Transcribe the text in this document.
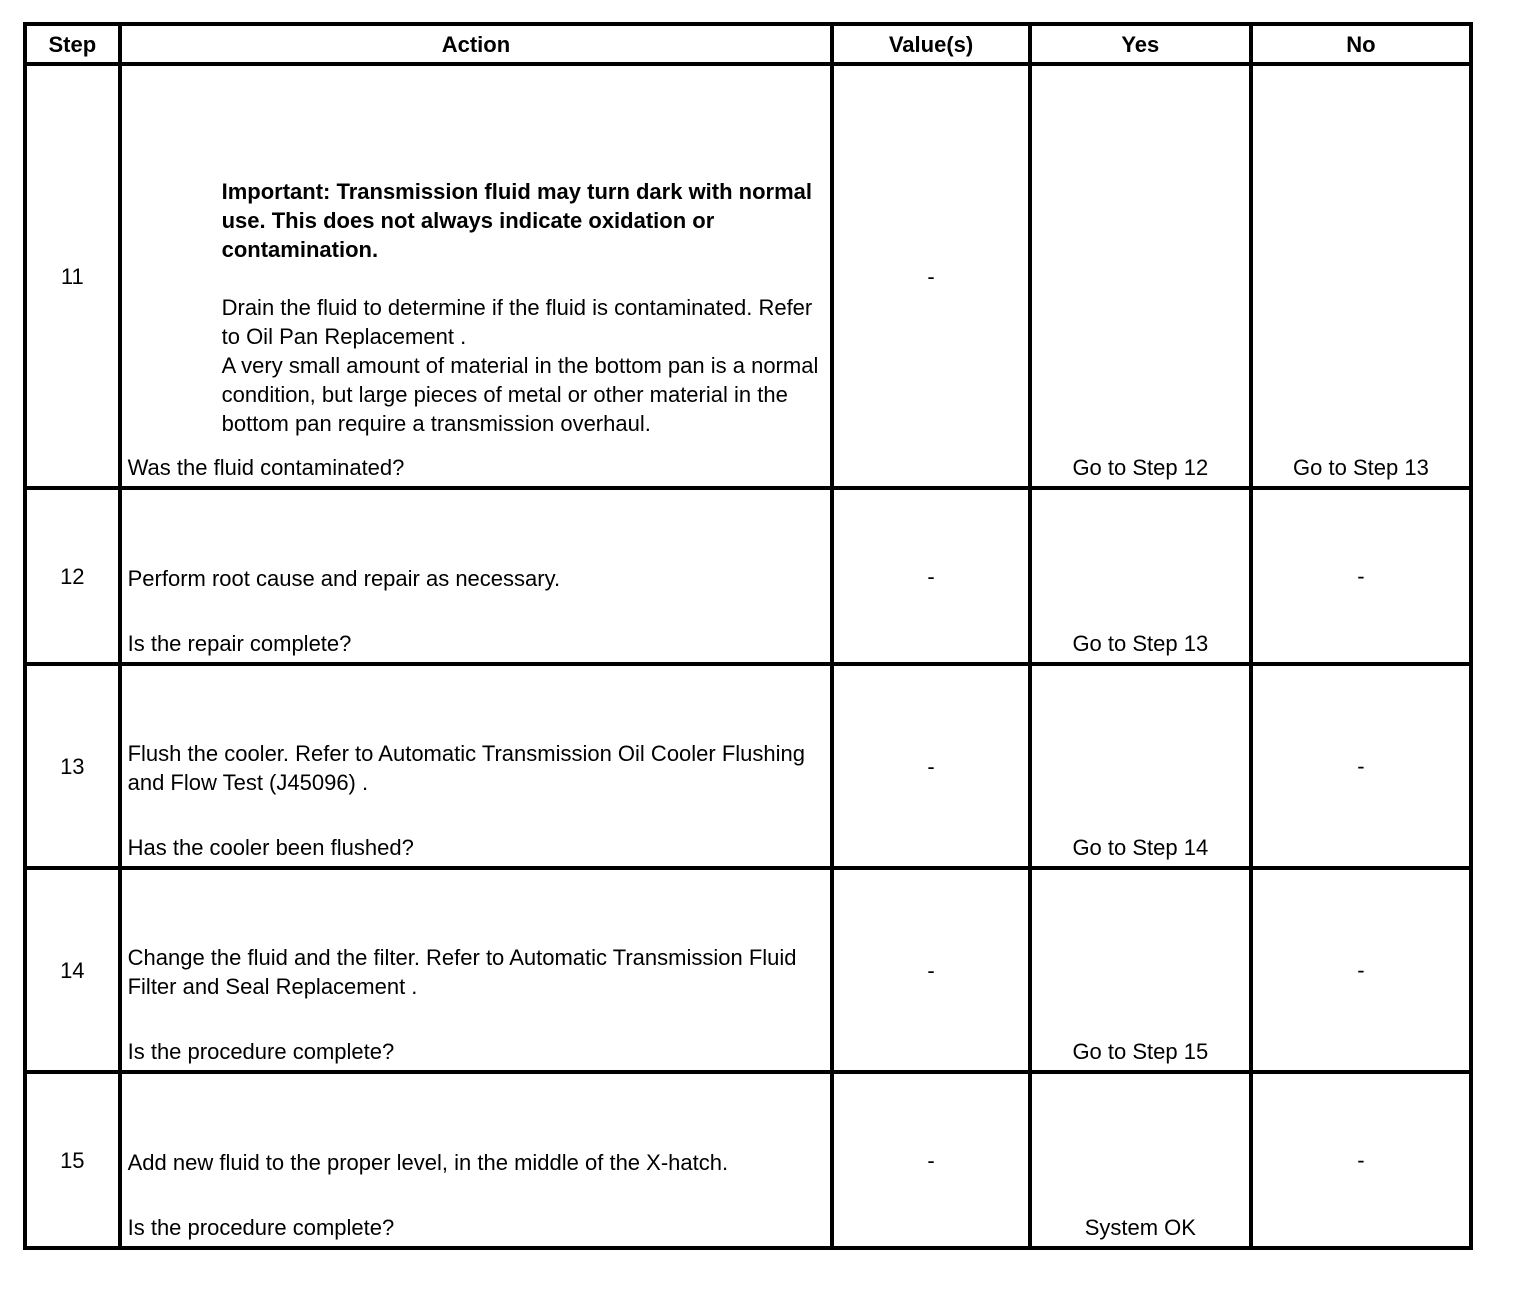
Step	Action	Value(s)	Yes	No
11	Important: Transmission fluid may turn dark with normal use. This does not always indicate oxidation or contamination.
Drain the fluid to determine if the fluid is contaminated. Refer to Oil Pan Replacement .
A very small amount of material in the bottom pan is a normal condition, but large pieces of metal or other material in the bottom pan require a transmission overhaul.
Was the fluid contaminated?	-	Go to Step 12	Go to Step 13

12	Perform root cause and repair as necessary.
Is the repair complete?	-	Go to Step 13	-

13	Flush the cooler. Refer to Automatic Transmission Oil Cooler Flushing and Flow Test (J45096) .
Has the cooler been flushed?	-	Go to Step 14	-

14	Change the fluid and the filter. Refer to Automatic Transmission Fluid Filter and Seal Replacement .
Is the procedure complete?	-	Go to Step 15	-

15	Add new fluid to the proper level, in the middle of the X-hatch.
Is the procedure complete?	-	System OK	-
